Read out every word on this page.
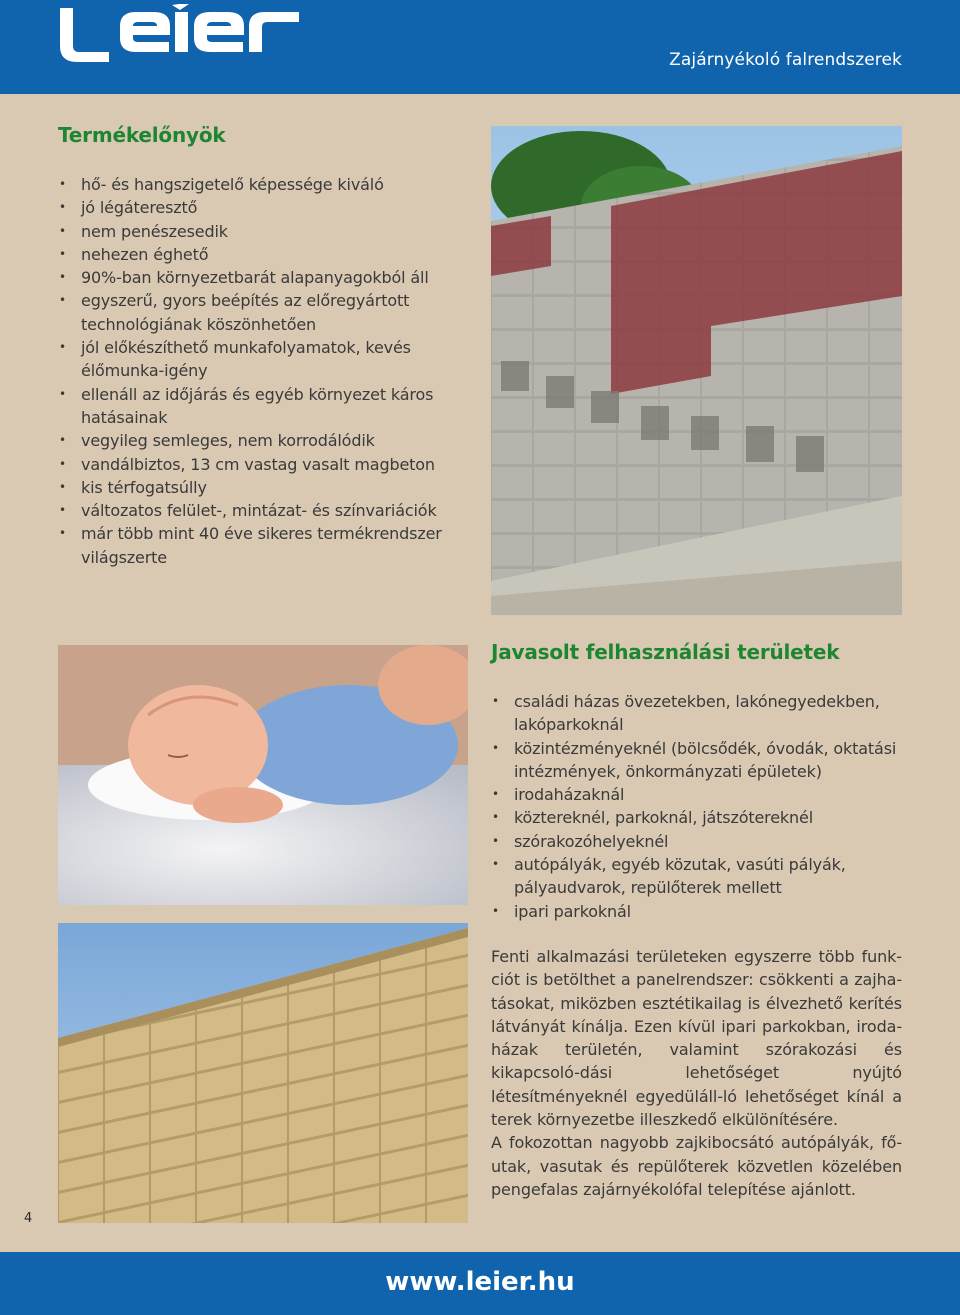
Zajárnyékoló falrendszerek
Termékelőnyök
• hő- és hangszigetelő képessége kiváló
• jó légáteresztő
• nem penészesedik
• nehezen éghető
• 90%-ban környezetbarát alapanyagokból áll
• egyszerű, gyors beépítés az előregyártott technológiának köszönhetően
• jól előkészíthető munkafolyamatok, kevés élőmunka-igény
• ellenáll az időjárás és egyéb környezet káros hatásainak
• vegyileg semleges, nem korrodálódik
• vandálbiztos, 13 cm vastag vasalt magbeton
• kis térfogatsúlly
• változatos felület-, mintázat- és színvariációk
• már több mint 40 éve sikeres termékrendszer világszerte
Javasolt felhasználási területek
• családi házas övezetekben, lakónegyedekben, lakóparkoknál
• közintézményeknél (bölcsődék, óvodák, oktatási intézmények, önkormányzati épületek)
• irodaházaknál
• köztereknél, parkoknál, játszótereknél
• szórakozóhelyeknél
• autópályák, egyéb közutak, vasúti pályák, pályaudvarok, repülőterek mellett
• ipari parkoknál

Fenti alkalmazási területeken egyszerre több funk-ciót is betölthet a panelrendszer: csökkenti a zajha-tásokat, miközben esztétikailag is élvezhető kerítés látványát kínálja. Ezen kívül ipari parkokban, iroda-házak területén, valamint szórakozási és kikapcsoló-dási lehetőséget nyújtó létesítményeknél egyedüláll-ló lehetőséget kínál a terek környezetbe illeszkedő elkülönítésére.

A fokozottan nagyobb zajkibocsátó autópályák, fő-utak, vasutak és repülőterek közvetlen közelében pengefalas zajárnyékolófal telepítése ajánlott.

4
www.leier.hu
